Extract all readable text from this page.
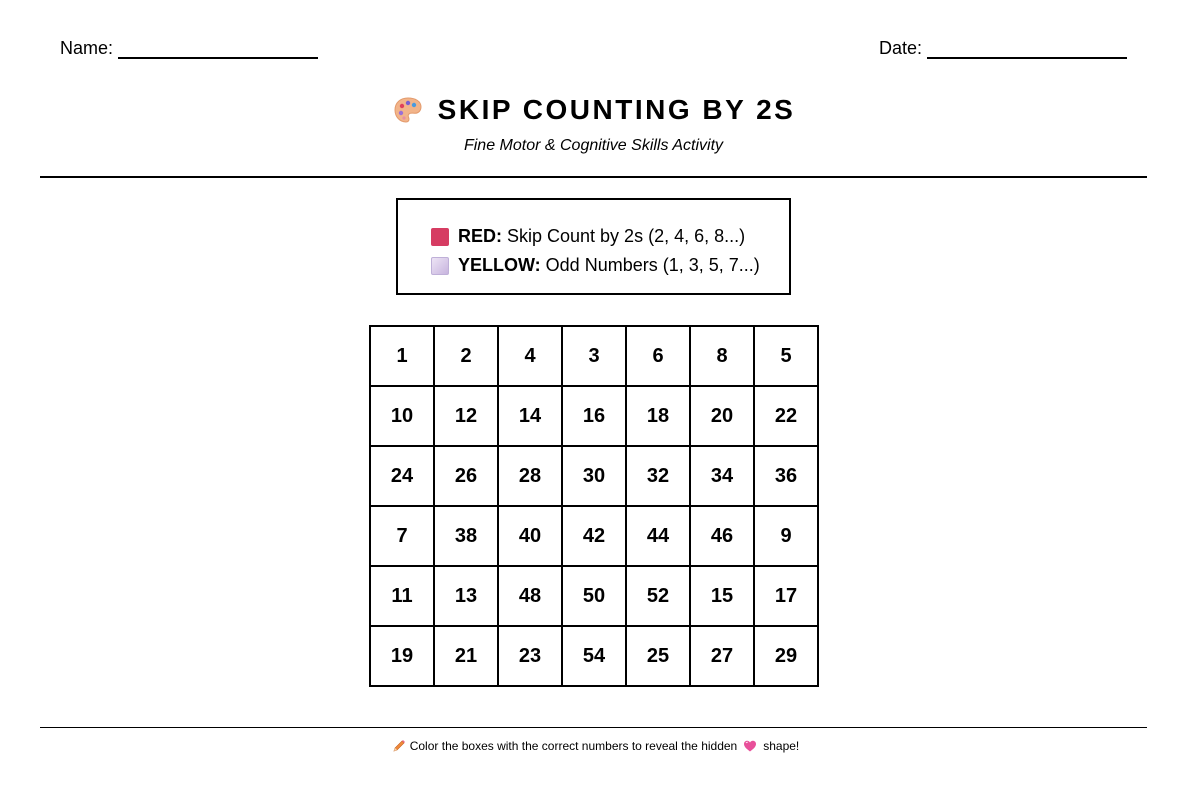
Name:	Date:
SKIP COUNTING BY 2S
Fine Motor & Cognitive Skills Activity
RED: Skip Count by 2s (2, 4, 6, 8...)
YELLOW: Odd Numbers (1, 3, 5, 7...)
1	2	4	3	6	8	5
10	12	14	16	18	20	22
24	26	28	30	32	34	36
7	38	40	42	44	46	9
11	13	48	50	52	15	17
19	21	23	54	25	27	29
Color the boxes with the correct numbers to reveal the hidden shape!
